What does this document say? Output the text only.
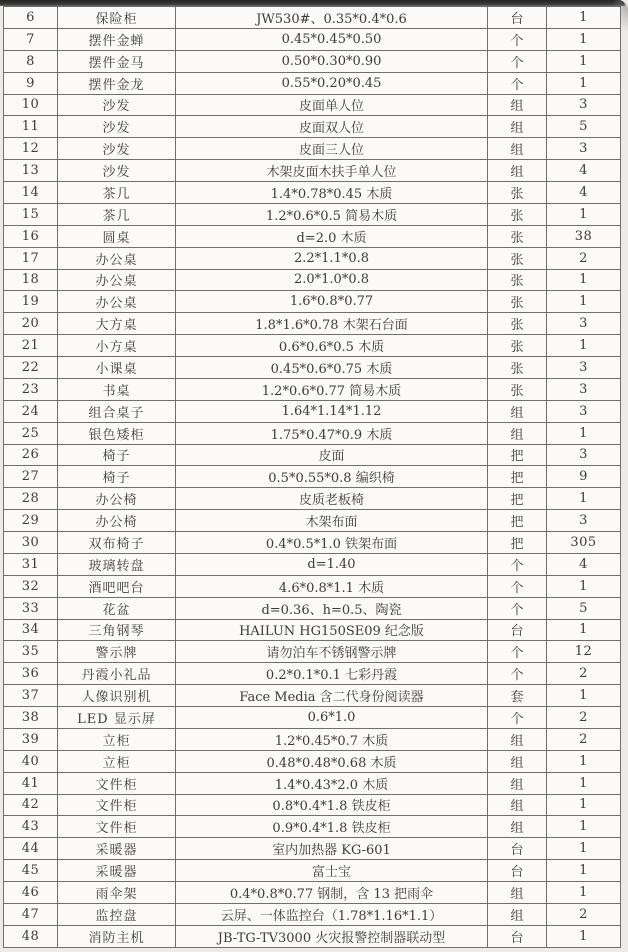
6	保险柜	JW530#、0.35*0.4*0.6	台	1
7	摆件金蝉	0.45*0.45*0.50	个	1
8	摆件金马	0.50*0.30*0.90	个	1
9	摆件金龙	0.55*0.20*0.45	个	1
10	沙发	皮面单人位	组	3
11	沙发	皮面双人位	组	5
12	沙发	皮面三人位	组	3
13	沙发	木架皮面木扶手单人位	组	4
14	茶几	1.4*0.78*0.45 木质	张	4
15	茶几	1.2*0.6*0.5 简易木质	张	1
16	圆桌	d=2.0 木质	张	38
17	办公桌	2.2*1.1*0.8	张	2
18	办公桌	2.0*1.0*0.8	张	1
19	办公桌	1.6*0.8*0.77	张	1
20	大方桌	1.8*1.6*0.78 木架石台面	张	3
21	小方桌	0.6*0.6*0.5 木质	张	1
22	小课桌	0.45*0.6*0.75 木质	张	3
23	书桌	1.2*0.6*0.77 简易木质	张	3
24	组合桌子	1.64*1.14*1.12	组	3
25	银色矮柜	1.75*0.47*0.9 木质	组	1
26	椅子	皮面	把	3
27	椅子	0.5*0.55*0.8 编织椅	把	9
28	办公椅	皮质老板椅	把	1
29	办公椅	木架布面	把	3
30	双布椅子	0.4*0.5*1.0 铁架布面	把	305
31	玻璃转盘	d=1.40	个	4
32	酒吧吧台	4.6*0.8*1.1 木质	个	1
33	花盆	d=0.36、h=0.5、陶瓷	个	5
34	三角钢琴	HAILUN HG150SE09 纪念版	台	1
35	警示牌	请勿泊车不锈钢警示牌	个	12
36	丹霞小礼品	0.2*0.1*0.1 七彩丹霞	个	2
37	人像识别机	Face Media 含二代身份阅读器	套	1
38	LED 显示屏	0.6*1.0	个	2
39	立柜	1.2*0.45*0.7 木质	组	2
40	立柜	0.48*0.48*0.68 木质	组	1
41	文件柜	1.4*0.43*2.0 木质	组	1
42	文件柜	0.8*0.4*1.8 铁皮柜	组	1
43	文件柜	0.9*0.4*1.8 铁皮柜	组	1
44	采暖器	室内加热器 KG-601	台	1
45	采暖器	富士宝	台	1
46	雨伞架	0.4*0.8*0.77 钢制，含 13 把雨伞	组	1
47	监控盘	云屏、一体监控台（1.78*1.16*1.1）	组	2
48	消防主机	JB-TG-TV3000 火灾报警控制器联动型	台	1
